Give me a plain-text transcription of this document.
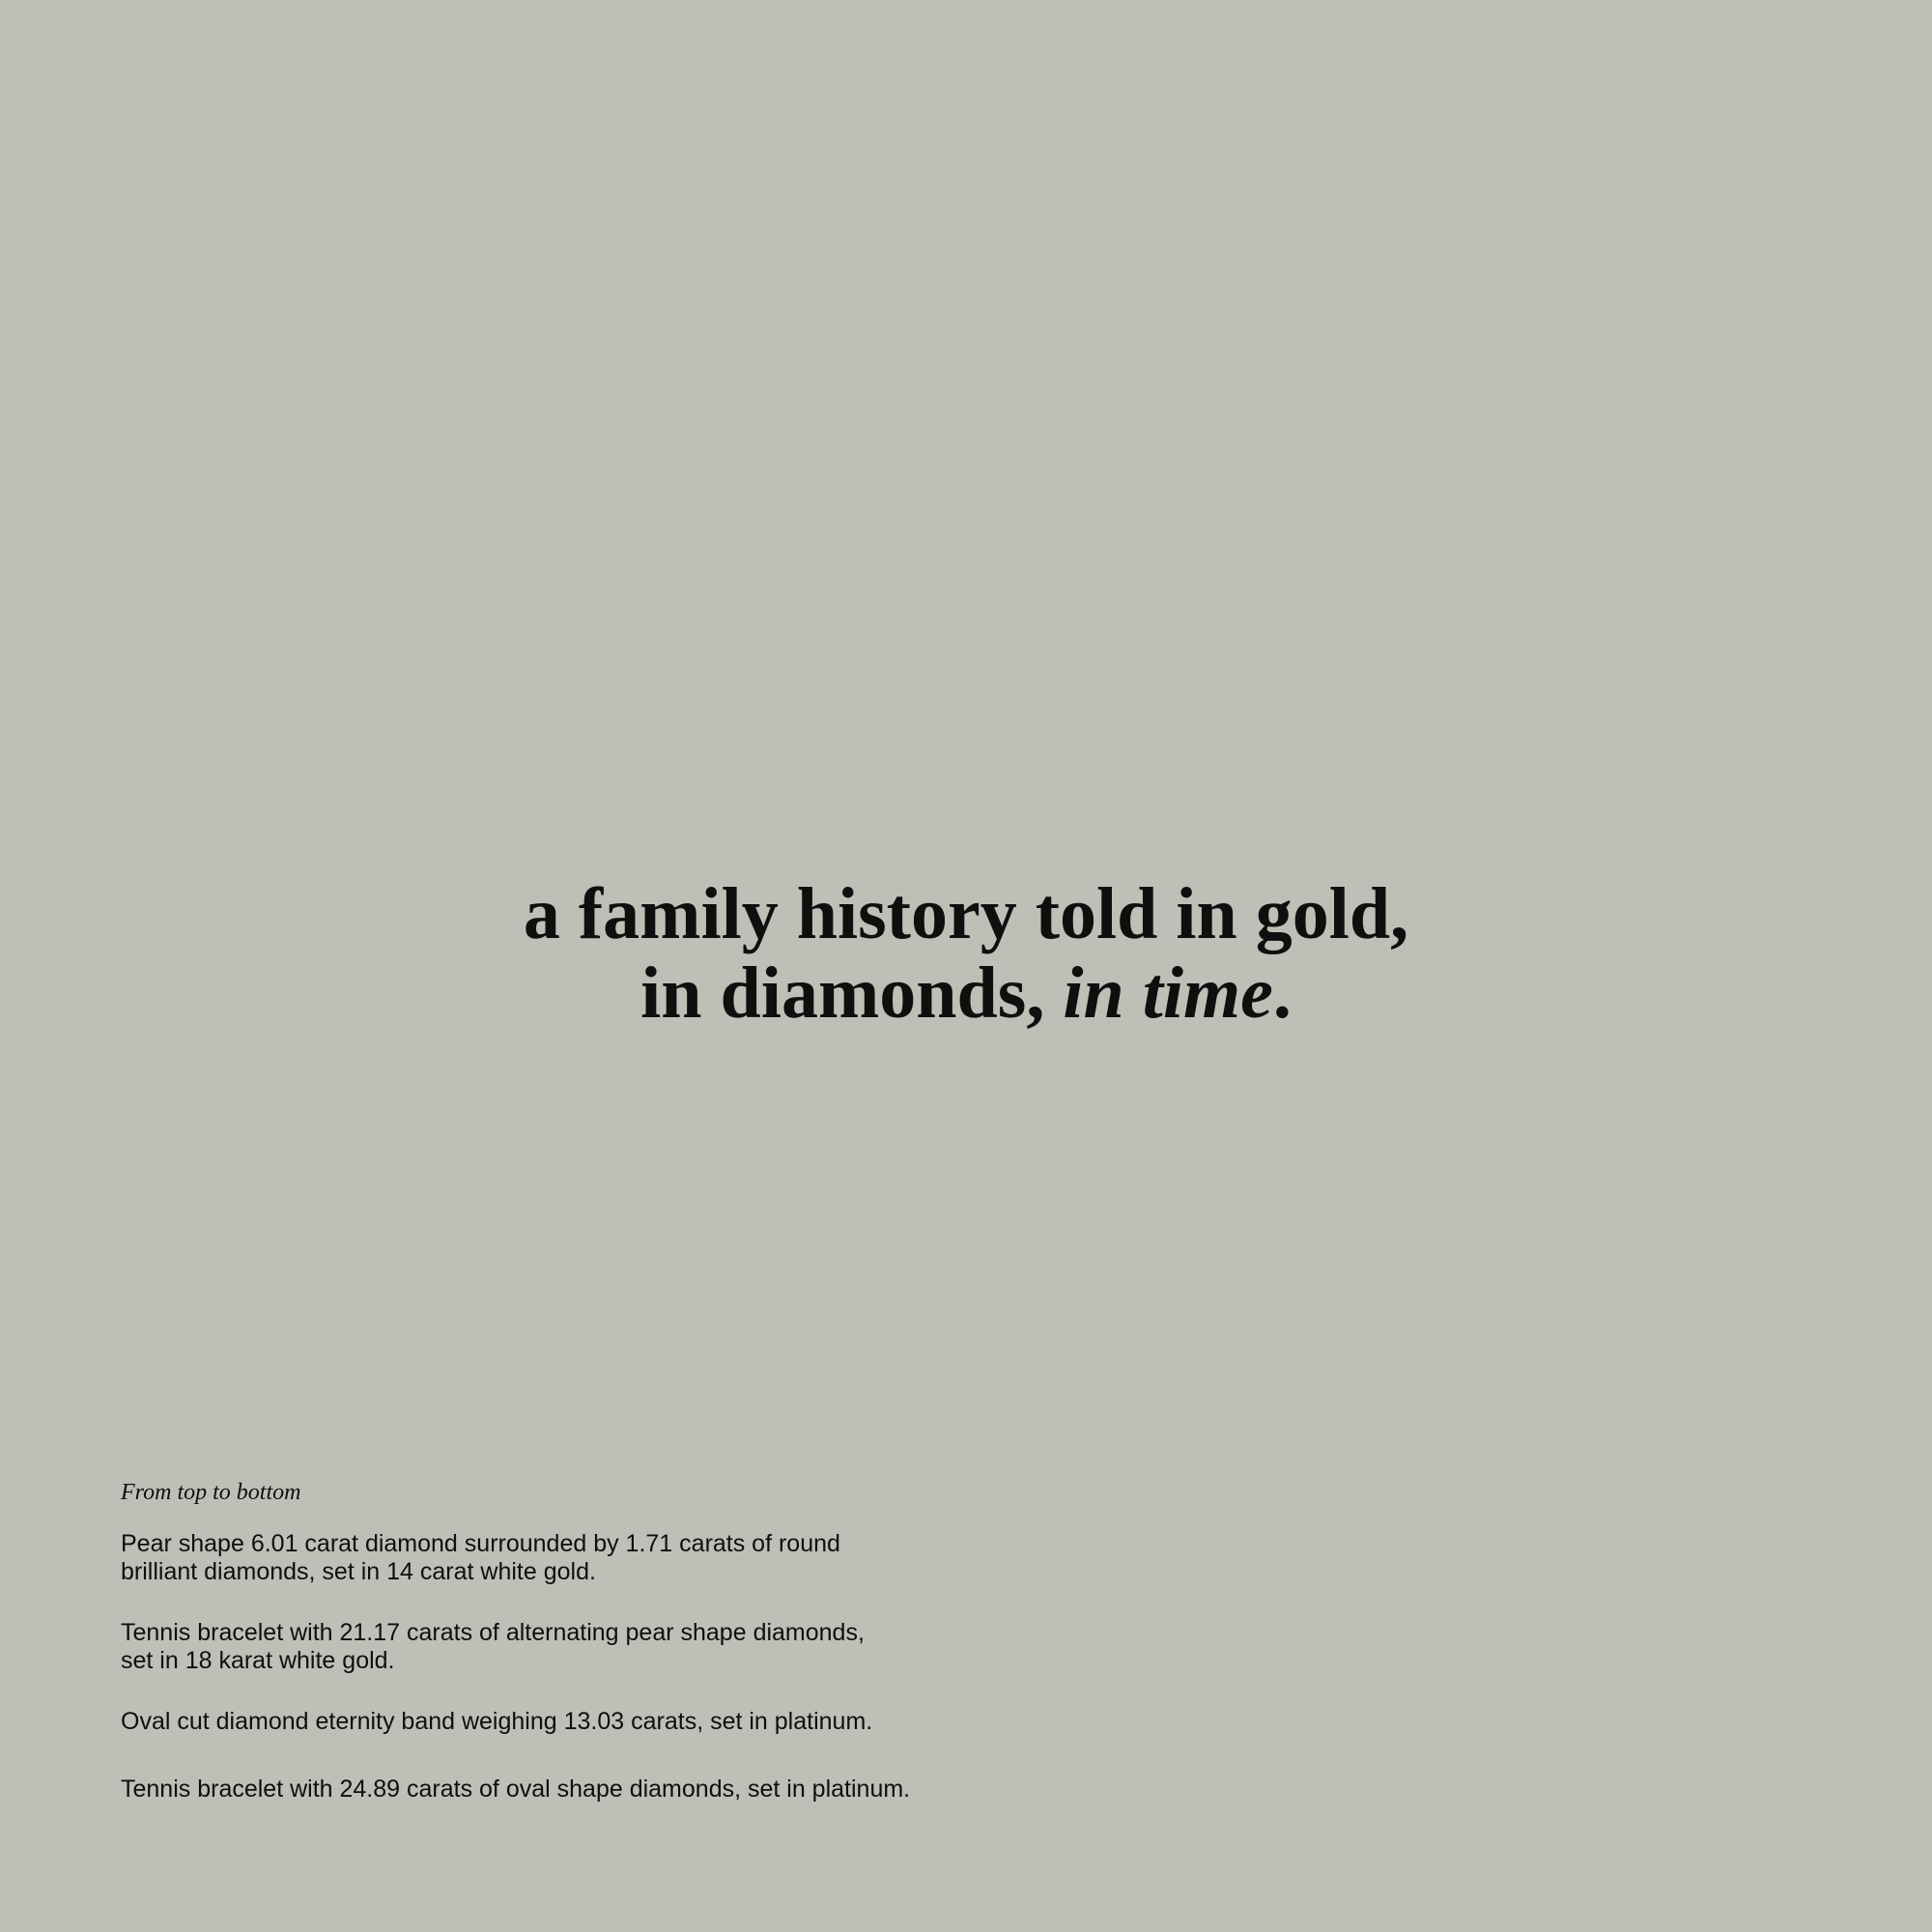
a family history told in gold,
in diamonds, in time.

From top to bottom

Pear shape 6.01 carat diamond surrounded by 1.71 carats of round
brilliant diamonds, set in 14 carat white gold.

Tennis bracelet with 21.17 carats of alternating pear shape diamonds,
set in 18 karat white gold.

Oval cut diamond eternity band weighing 13.03 carats, set in platinum.

Tennis bracelet with 24.89 carats of oval shape diamonds, set in platinum.
